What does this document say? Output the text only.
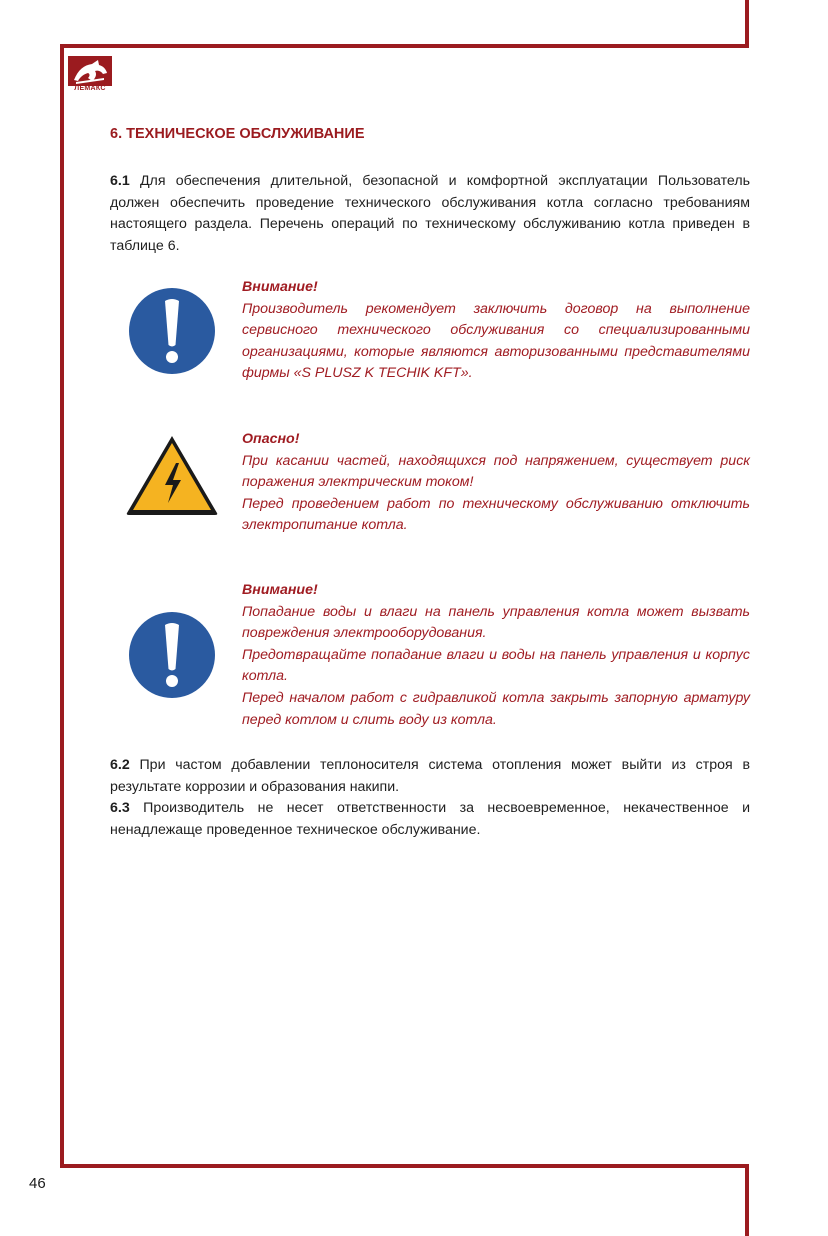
ЛЕМАКС
6. ТЕХНИЧЕСКОЕ ОБСЛУЖИВАНИЕ
6.1 Для обеспечения длительной, безопасной и комфортной эксплуатации Пользователь должен обеспечить проведение технического обслуживания котла согласно требованиям настоящего раздела. Перечень операций по техническому обслуживанию котла приведен в таблице 6.
Внимание!
Производитель рекомендует заключить договор на выполнение сервисного технического обслуживания со специализированными организациями, которые являются авторизованными представителями фирмы «S PLUSZ K TECHIK KFT».
Опасно!
При касании частей, находящихся под напряжением, существует риск поражения электрическим током!
Перед проведением работ по техническому обслуживанию отключить электропитание котла.
Внимание!
Попадание воды и влаги на панель управления котла может вызвать повреждения электрооборудования.
Предотвращайте попадание влаги и воды на панель управления и корпус котла.
Перед началом работ с гидравликой котла закрыть запорную арматуру перед котлом и слить воду из котла.
6.2 При частом добавлении теплоносителя система отопления может выйти из строя в результате коррозии и образования накипи.
6.3 Производитель не несет ответственности за несвоевременное, некачественное и ненадлежаще проведенное техническое обслуживание.
46
